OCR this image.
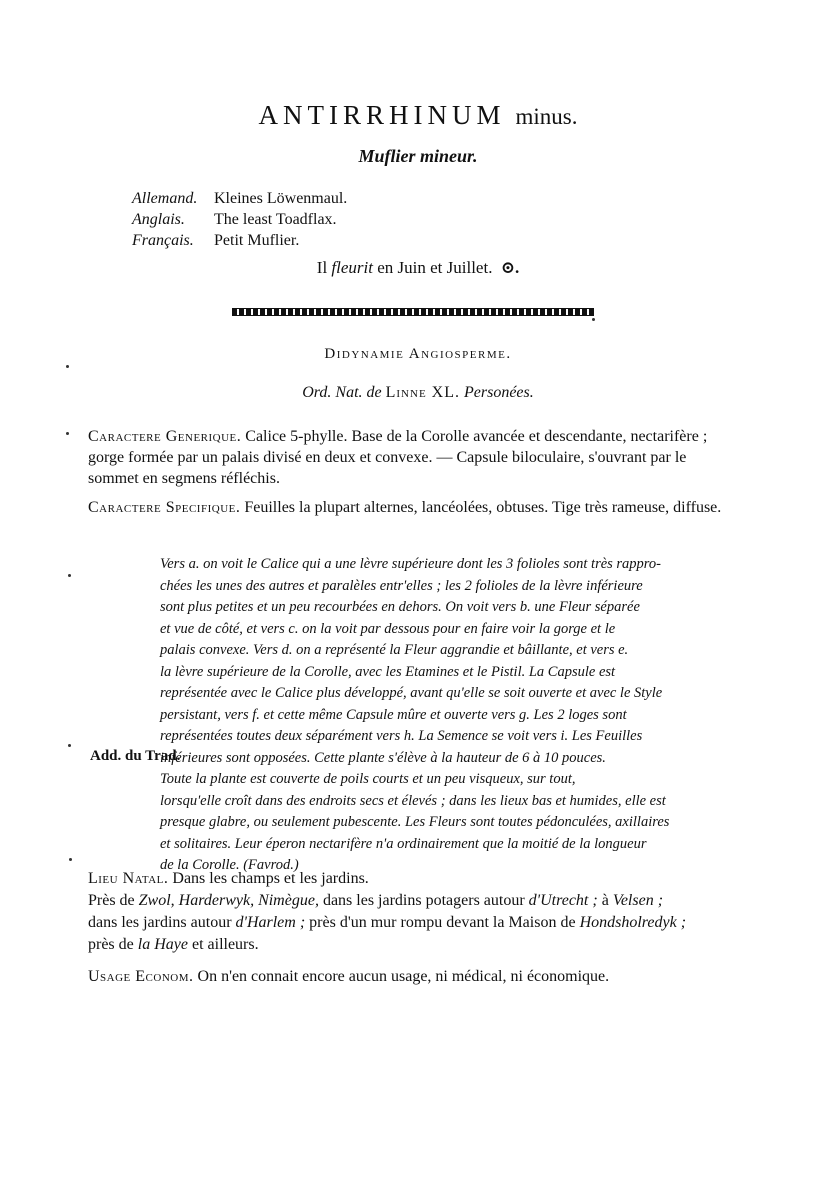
ANTIRRHINUM minus.
Muflier mineur.
Allemand. Kleines Löwenmaul.
Anglais. The least Toadflax.
Français. Petit Muflier.
Il fleurit en Juin et Juillet. ⊙.
Didynamie Angiosperme.
Ord. Nat. de Linne XL. Personées.
Caractere Generique. Calice 5-phylle. Base de la Corolle avancée et descendante, nectarifère ; gorge formée par un palais divisé en deux et convexe. — Capsule biloculaire, s'ouvrant par le sommet en segmens réfléchis.
Caractere Specifique. Feuilles la plupart alternes, lancéolées, obtuses. Tige très rameuse, diffuse.
Vers a. on voit le Calice qui a une lèvre supérieure dont les 3 folioles sont très rappro-
chées les unes des autres et paralèles entr'elles ; les 2 folioles de la lèvre inférieure
sont plus petites et un peu recourbées en dehors. On voit vers b. une Fleur séparée
et vue de côté, et vers c. on la voit par dessous pour en faire voir la gorge et le
palais convexe. Vers d. on a représenté la Fleur aggrandie et bâillante, et vers e.
la lèvre supérieure de la Corolle, avec les Etamines et le Pistil. La Capsule est
représentée avec le Calice plus développé, avant qu'elle se soit ouverte et avec le Style
persistant, vers f. et cette même Capsule mûre et ouverte vers g. Les 2 loges sont
représentées toutes deux séparément vers h. La Semence se voit vers i. Les Feuilles
inférieures sont opposées. Cette plante s'élève à la hauteur de 6 à 10 pouces.
Toute la plante est couverte de poils courts et un peu visqueux, sur tout,
lorsqu'elle croît dans des endroits secs et élevés ; dans les lieux bas et humides, elle est
presque glabre, ou seulement pubescente. Les Fleurs sont toutes pédonculées, axillaires
et solitaires. Leur éperon nectarifère n'a ordinairement que la moitié de la longueur
de la Corolle. (Favrod.)
Add. du Trad.
Lieu Natal. Dans les champs et les jardins.
Près de Zwol, Harderwyk, Nimègue, dans les jardins potagers autour d'Utrecht ; à Velsen ;
dans les jardins autour d'Harlem ; près d'un mur rompu devant la Maison de Hondsholredyk ;
près de la Haye et ailleurs.
Usage Econom. On n'en connait encore aucun usage, ni médical, ni économique.
